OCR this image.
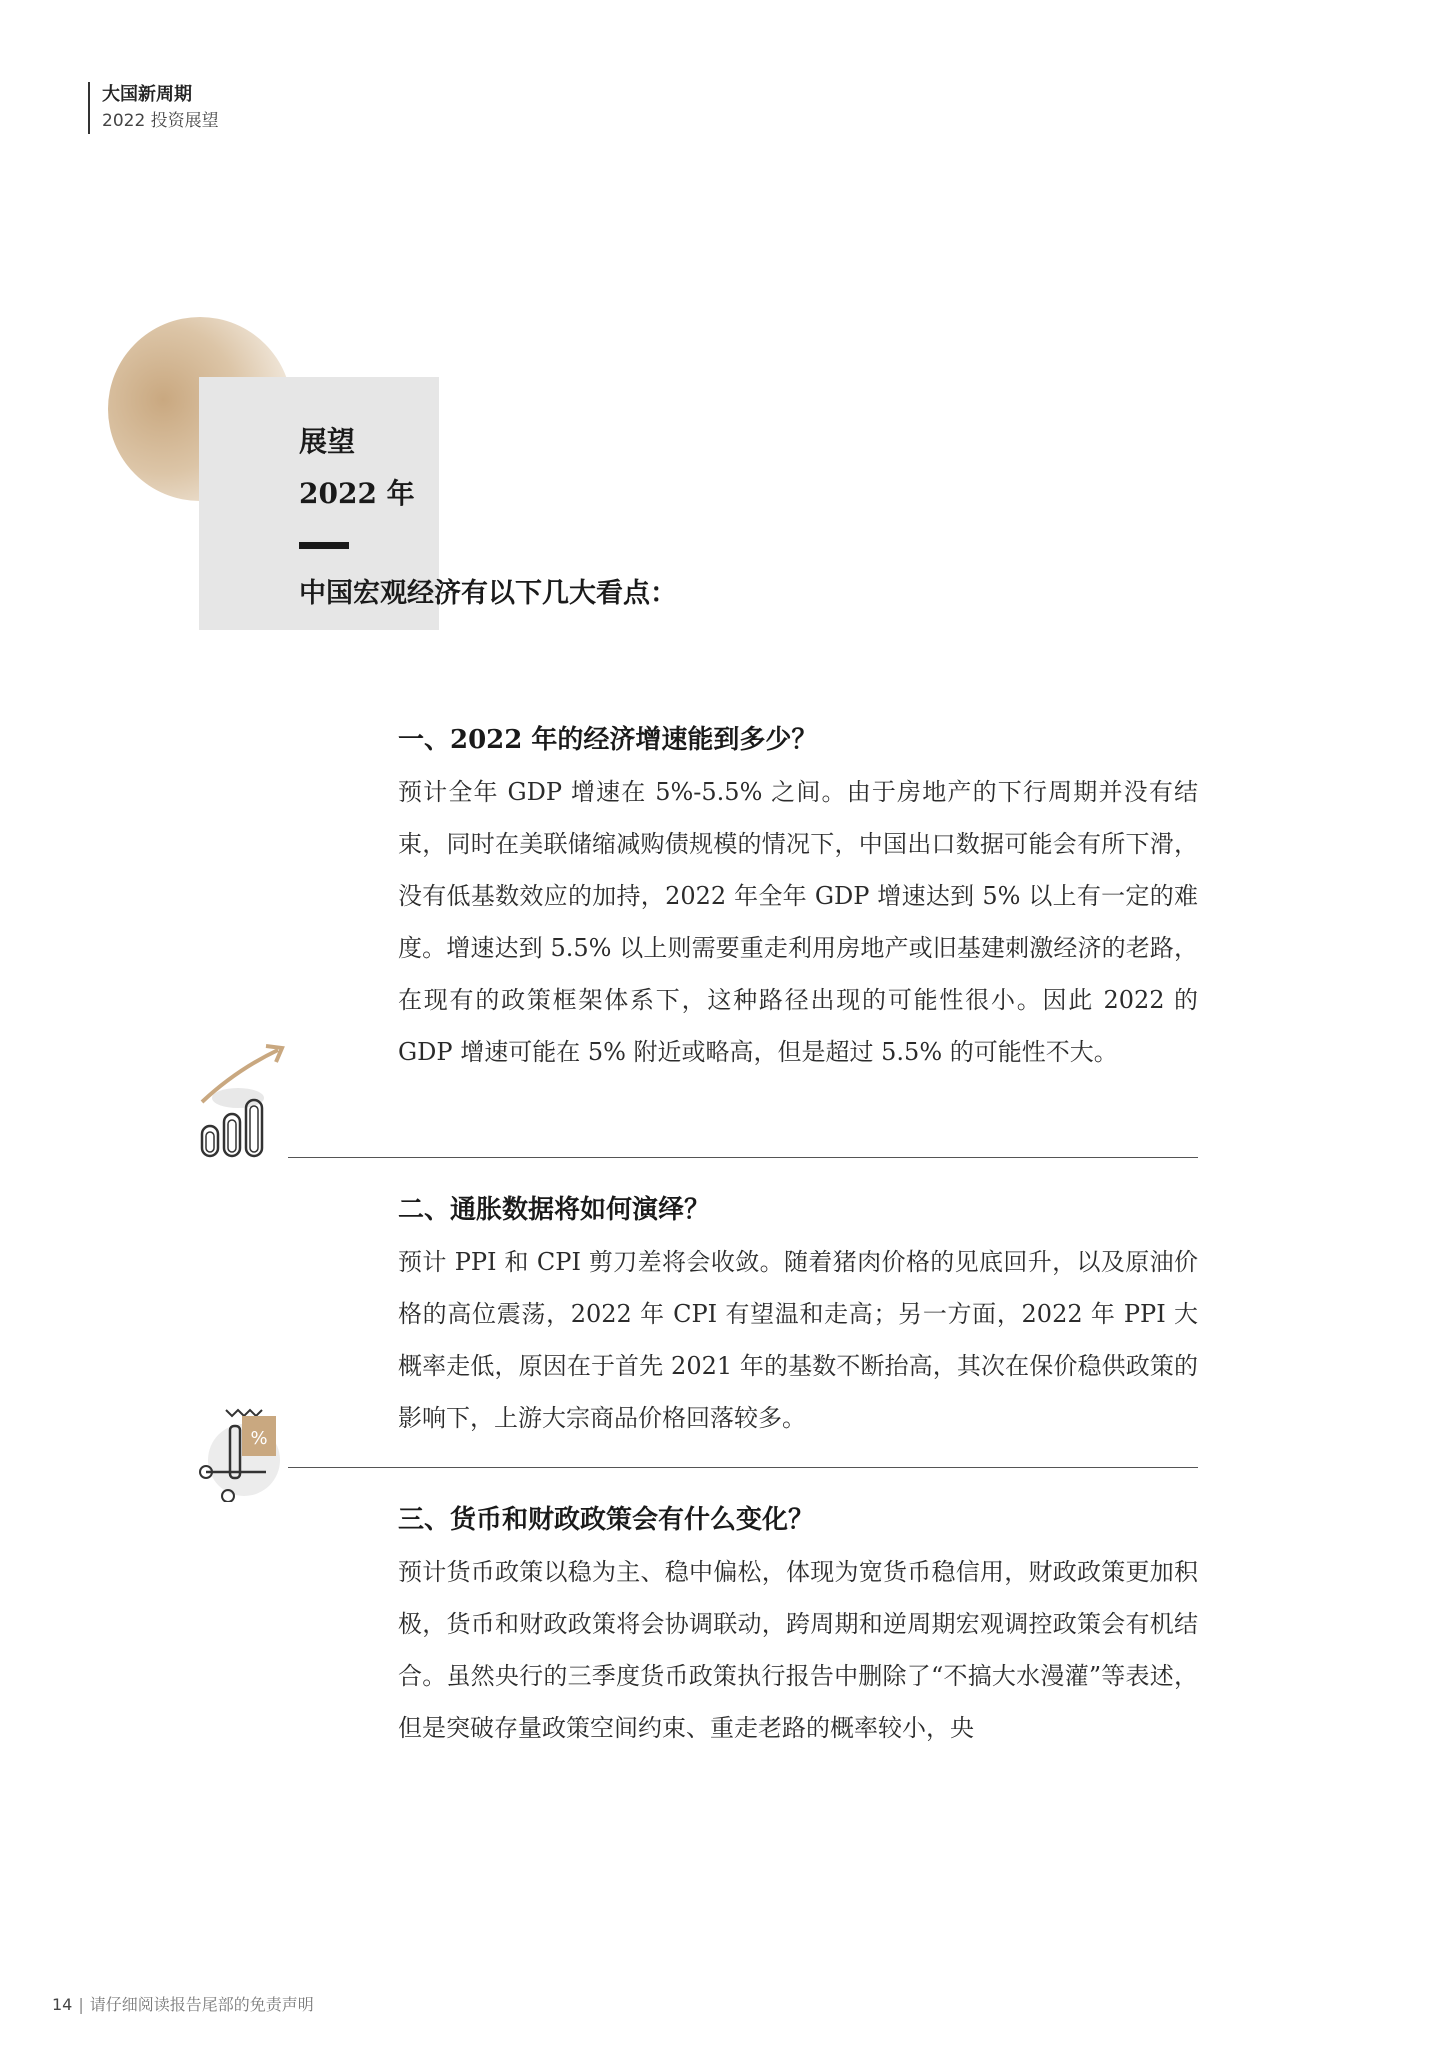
大国新周期
2022 投资展望
展望
2022 年
中国宏观经济有以下几大看点：
一、2022 年的经济增速能到多少？

预计全年 GDP 增速在 5%-5.5% 之间。由于房地产的下行周期并没有结束，同时在美联储缩减购债规模的情况下，中国出口数据可能会有所下滑，没有低基数效应的加持，2022 年全年 GDP 增速达到 5% 以上有一定的难度。增速达到 5.5% 以上则需要重走利用房地产或旧基建刺激经济的老路，在现有的政策框架体系下，这种路径出现的可能性很小。因此 2022 的 GDP 增速可能在 5% 附近或略高，但是超过 5.5% 的可能性不大。

二、通胀数据将如何演绎？

预计 PPI 和 CPI 剪刀差将会收敛。随着猪肉价格的见底回升，以及原油价格的高位震荡，2022 年 CPI 有望温和走高；另一方面，2022 年 PPI 大概率走低，原因在于首先 2021 年的基数不断抬高，其次在保价稳供政策的影响下，上游大宗商品价格回落较多。

%
三、货币和财政政策会有什么变化？

预计货币政策以稳为主、稳中偏松，体现为宽货币稳信用，财政政策更加积极，货币和财政政策将会协调联动，跨周期和逆周期宏观调控政策会有机结合。虽然央行的三季度货币政策执行报告中删除了“不搞大水漫灌”等表述，但是突破存量政策空间约束、重走老路的概率较小，央

14 | 请仔细阅读报告尾部的免责声明
